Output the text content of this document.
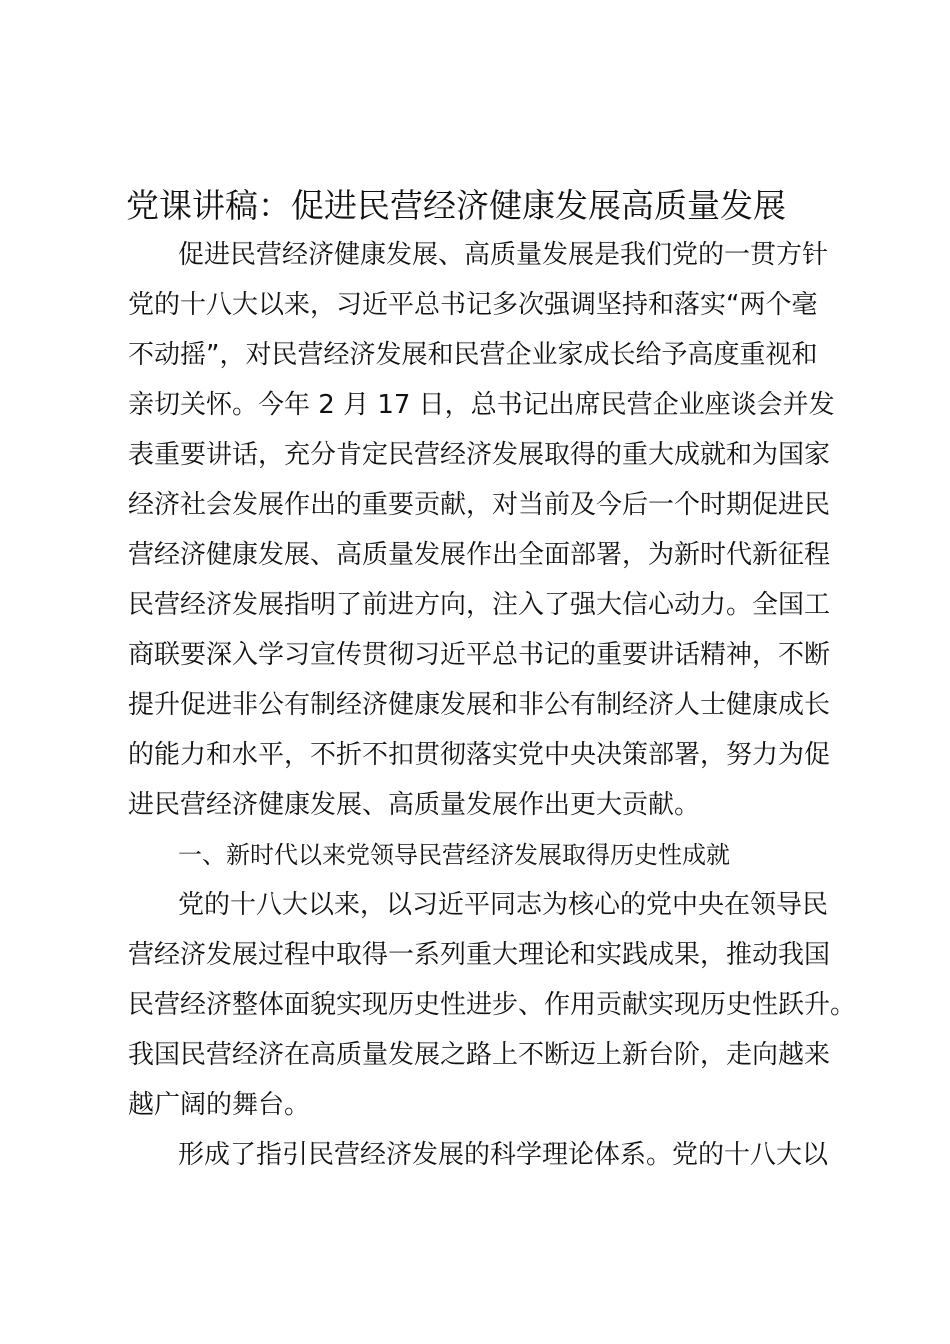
党课讲稿：促进民营经济健康发展高质量发展

促进民营经济健康发展、高质量发展是我们党的一贯方针

党的十八大以来，习近平总书记多次强调坚持和落实“两个毫

不动摇”，对民营经济发展和民营企业家成长给予高度重视和

亲切关怀。今年 2 月 17 日，总书记出席民营企业座谈会并发

表重要讲话，充分肯定民营经济发展取得的重大成就和为国家

经济社会发展作出的重要贡献，对当前及今后一个时期促进民

营经济健康发展、高质量发展作出全面部署，为新时代新征程

民营经济发展指明了前进方向，注入了强大信心动力。全国工

商联要深入学习宣传贯彻习近平总书记的重要讲话精神，不断

提升促进非公有制经济健康发展和非公有制经济人士健康成长

的能力和水平，不折不扣贯彻落实党中央决策部署，努力为促

进民营经济健康发展、高质量发展作出更大贡献。

一、新时代以来党领导民营经济发展取得历史性成就

党的十八大以来，以习近平同志为核心的党中央在领导民

营经济发展过程中取得一系列重大理论和实践成果，推动我国

民营经济整体面貌实现历史性进步、作用贡献实现历史性跃升。

我国民营经济在高质量发展之路上不断迈上新台阶，走向越来

越广阔的舞台。

形成了指引民营经济发展的科学理论体系。党的十八大以
